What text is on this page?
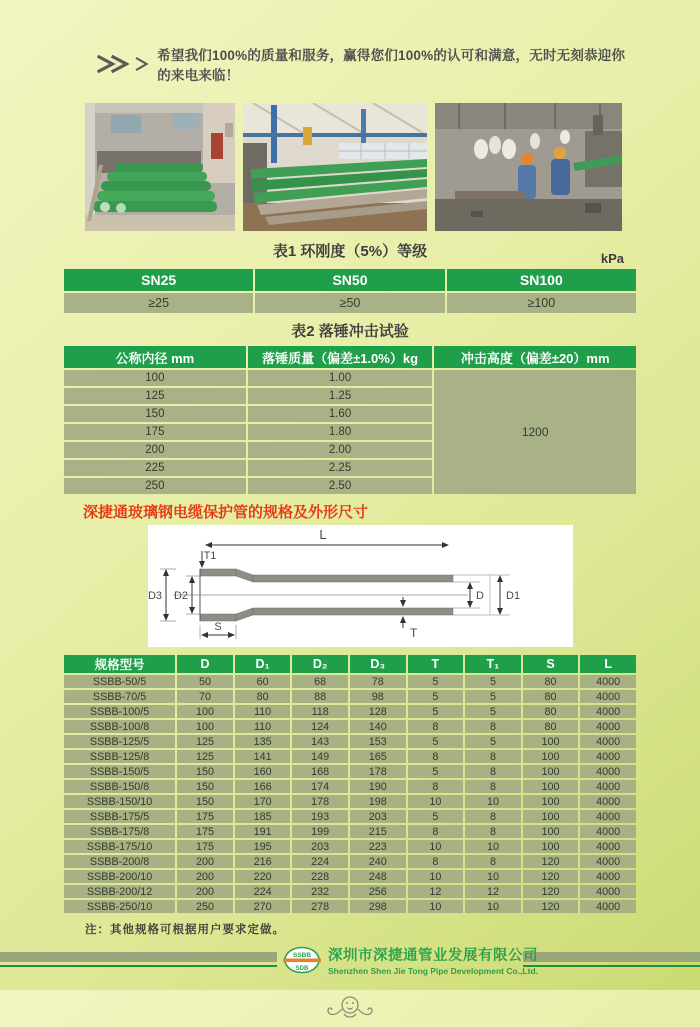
希望我们100%的质量和服务，赢得您们100%的认可和满意，无时无刻恭迎你的来电来临！
表1 环刚度（5%）等级	kPa
SN25	SN50	SN100
≥25	≥50	≥100
表2 落锤冲击试验
公称内径 mm	落锤质量（偏差±1.0%）kg	冲击高度（偏差±20）mm
100	1.00	1200
125	1.25	
150	1.60	
175	1.80	
200	2.00	
225	2.25	
250	2.50	
深捷通玻璃钢电缆保护管的规格及外形尺寸
L
T1
D3 D2	D D1
S	T
规格型号	D	D₁	D₂	D₃	T	T₁	S	L
SSBB-50/5	50	60	68	78	5	5	80	4000
SSBB-70/5	70	80	88	98	5	5	80	4000
SSBB-100/5	100	110	118	128	5	5	80	4000
SSBB-100/8	100	110	124	140	8	8	80	4000
SSBB-125/5	125	135	143	153	5	5	100	4000
SSBB-125/8	125	141	149	165	8	8	100	4000
SSBB-150/5	150	160	168	178	5	8	100	4000
SSBB-150/8	150	166	174	190	8	8	100	4000
SSBB-150/10	150	170	178	198	10	10	100	4000
SSBB-175/5	175	185	193	203	5	8	100	4000
SSBB-175/8	175	191	199	215	8	8	100	4000
SSBB-175/10	175	195	203	223	10	10	100	4000
SSBB-200/8	200	216	224	240	8	8	120	4000
SSBB-200/10	200	220	228	248	10	10	120	4000
SSBB-200/12	200	224	232	256	12	12	120	4000
SSBB-250/10	250	270	278	298	10	10	120	4000
注：其他规格可根据用户要求定做。
SSBB
SDB
深圳市深捷通管业发展有限公司
Shenzhen Shen Jie Tong Pipe Development Co.,Ltd.
